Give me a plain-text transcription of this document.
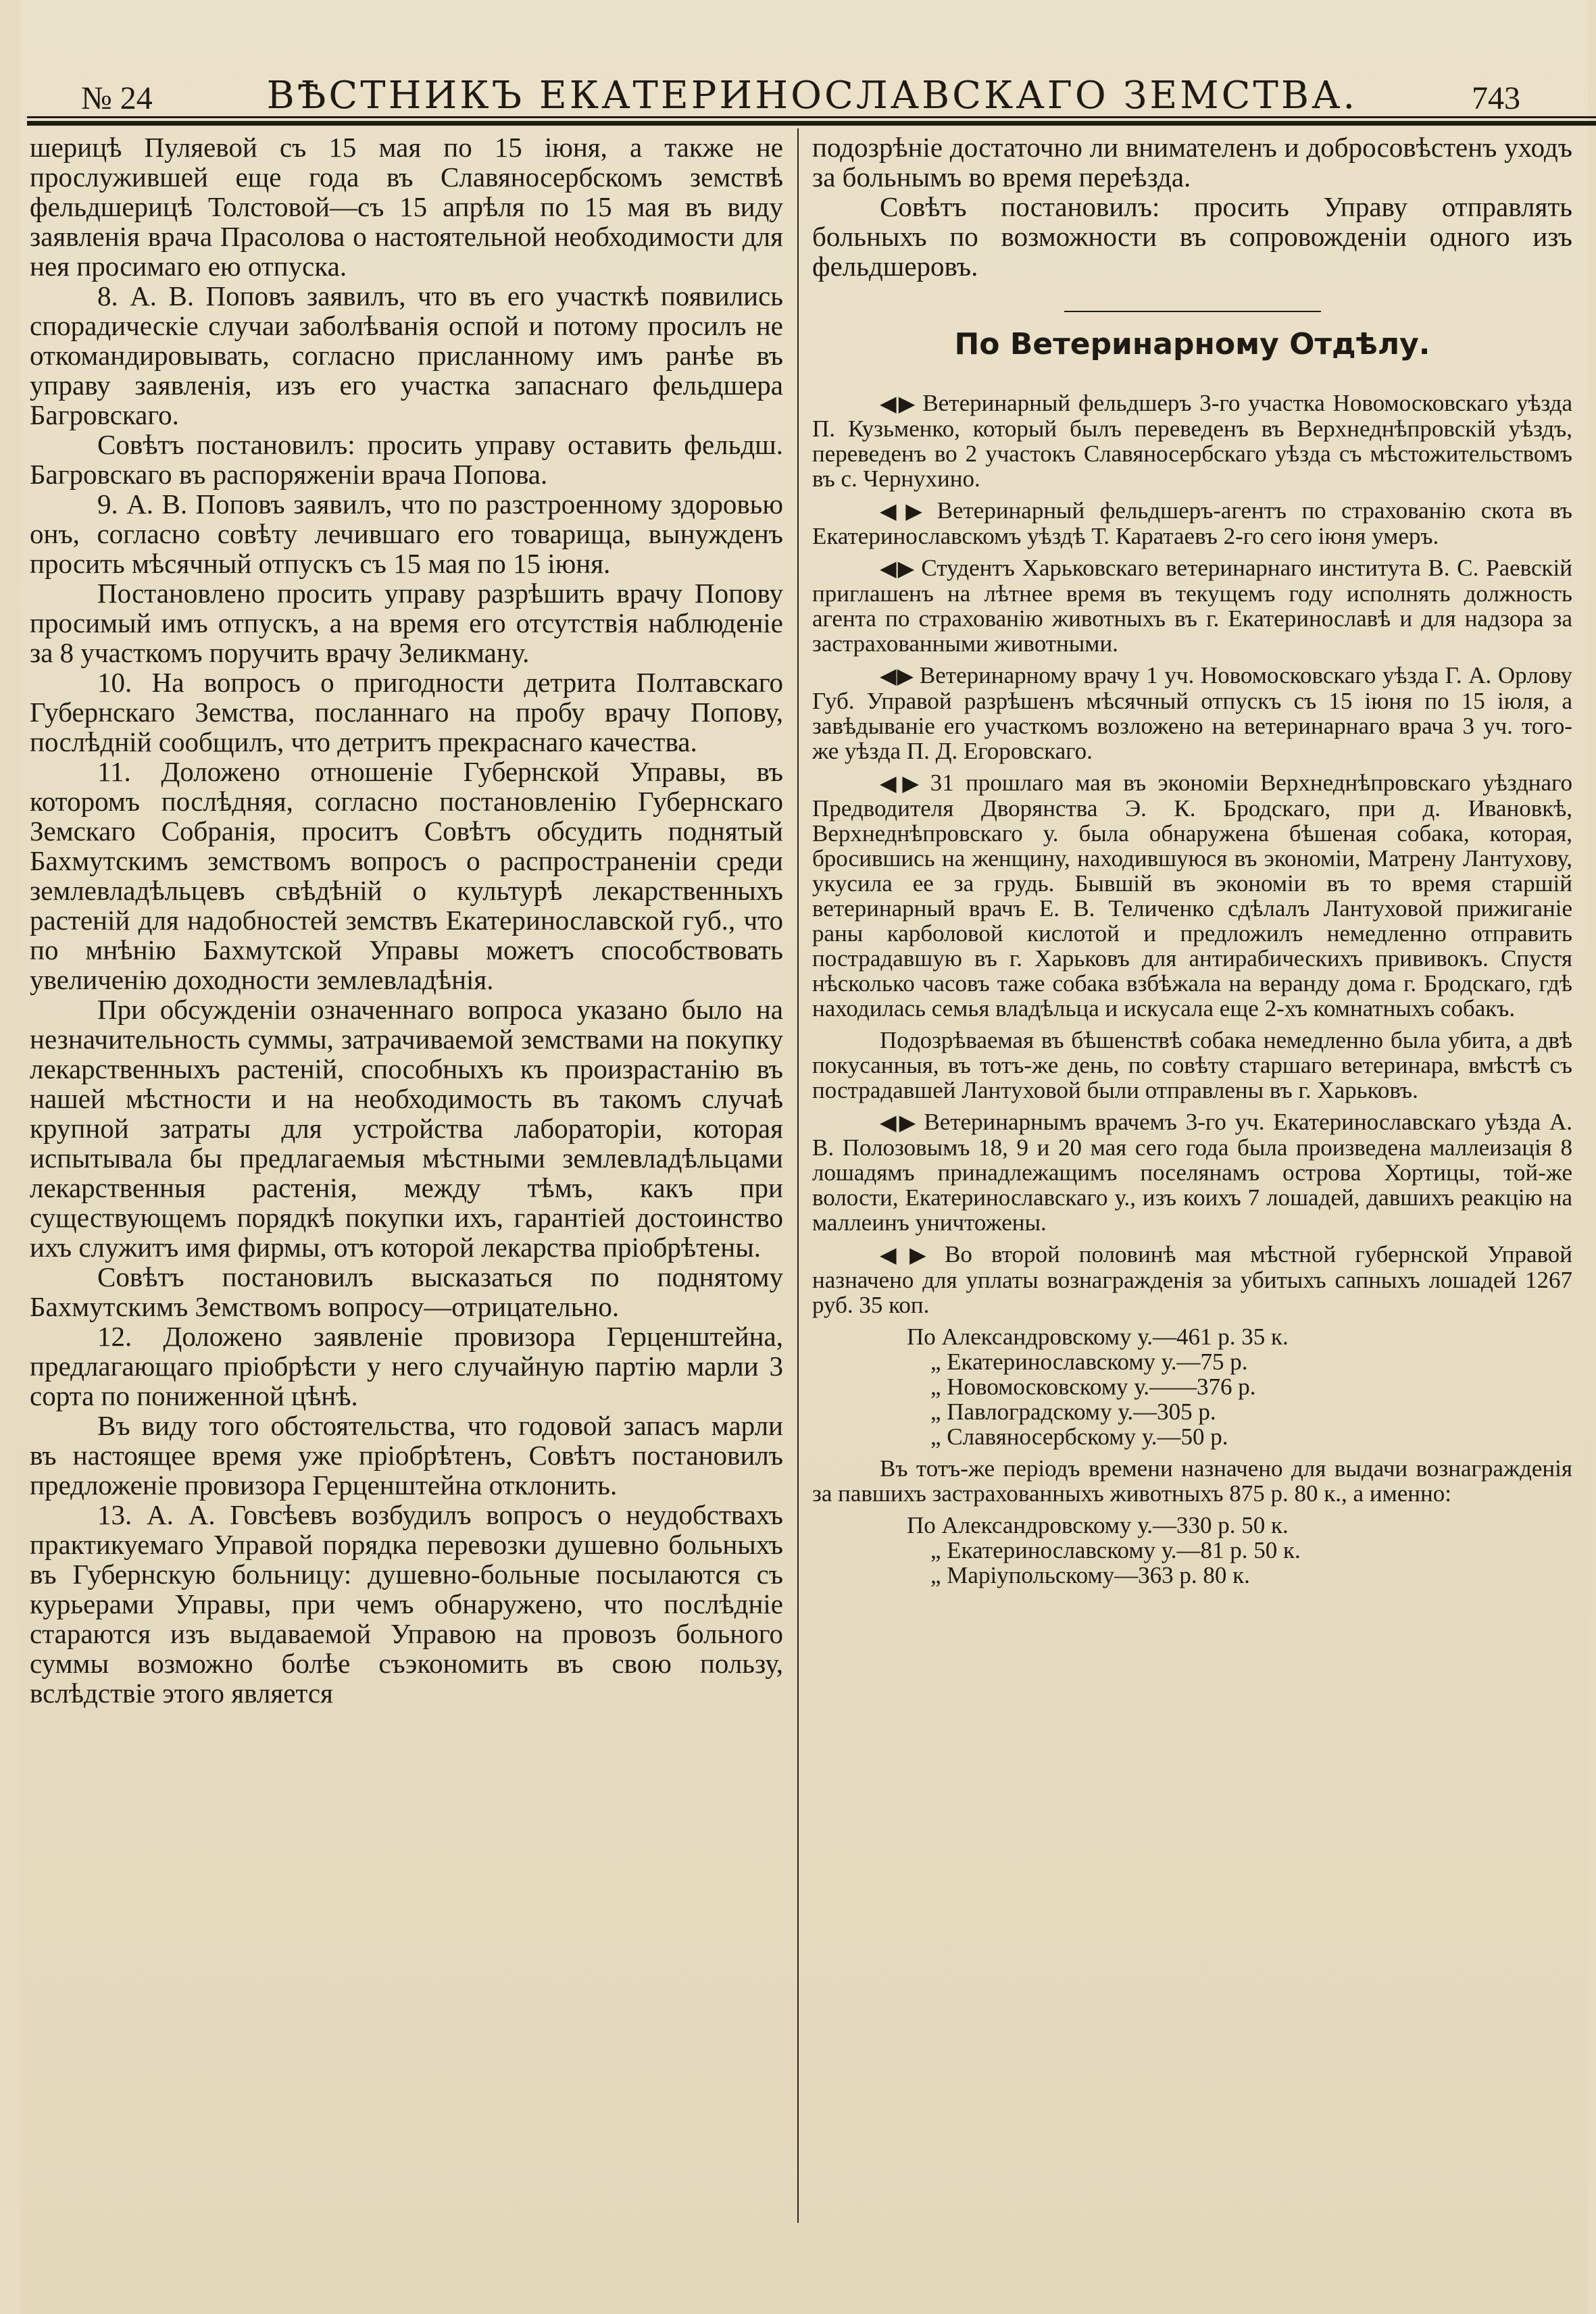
№ 24	ВѢСТНИКЪ ЕКАТЕРИНОСЛАВСКАГО ЗЕМСТВА.	743

шерицѣ Пуляевой съ 15 мая по 15 іюня, а также не прослужившей еще года въ Славяносербскомъ земствѣ фельдшерицѣ Толстовой—съ 15 апрѣля по 15 мая въ виду заявленія врача Прасолова о настоятельной необходимости для нея просимаго ею отпуска.

8. А. В. Поповъ заявилъ, что въ его участкѣ появились спорадическіе случаи заболѣванія оспой и потому просилъ не откомандировывать, согласно присланному имъ ранѣе въ управу заявленія, изъ его участка запаснаго фельдшера Багровскаго.

Совѣтъ постановилъ: просить управу оставить фельдш. Багровскаго въ распоряженіи врача Попова.

9. А. В. Поповъ заявилъ, что по разстроенному здоровью онъ, согласно совѣту лечившаго его товарища, вынужденъ просить мѣсячный отпускъ съ 15 мая по 15 іюня.

Постановлено просить управу разрѣшить врачу Попову просимый имъ отпускъ, а на время его отсутствія наблюденіе за 8 участкомъ поручить врачу Зеликману.

10. На вопросъ о пригодности детрита Полтавскаго Губернскаго Земства, посланнаго на пробу врачу Попову, послѣдній сообщилъ, что детритъ прекраснаго качества.

11. Доложено отношеніе Губернской Управы, въ которомъ послѣдняя, согласно постановленію Губернскаго Земскаго Собранія, проситъ Совѣтъ обсудить поднятый Бахмутскимъ земствомъ вопросъ о распространеніи среди землевладѣльцевъ свѣдѣній о культурѣ лекарственныхъ растеній для надобностей земствъ Екатеринославской губ., что по мнѣнію Бахмутской Управы можетъ способствовать увеличенію доходности землевладѣнія.

При обсужденіи означеннаго вопроса указано было на незначительность суммы, затрачиваемой земствами на покупку лекарственныхъ растеній, способныхъ къ произрастанію въ нашей мѣстности и на необходимость въ такомъ случаѣ крупной затраты для устройства лабораторіи, которая испытывала бы предлагаемыя мѣстными землевладѣльцами лекарственныя растенія, между тѣмъ, какъ при существующемъ порядкѣ покупки ихъ, гарантіей достоинство ихъ служитъ имя фирмы, отъ которой лекарства пріобрѣтены.

Совѣтъ постановилъ высказаться по поднятому Бахмутскимъ Земствомъ вопросу—отрицательно.

12. Доложено заявленіе провизора Герценштейна, предлагающаго пріобрѣсти у него случайную партію марли 3 сорта по пониженной цѣнѣ.

Въ виду того обстоятельства, что годовой запасъ марли въ настоящее время уже пріобрѣтенъ, Совѣтъ постановилъ предложеніе провизора Герценштейна отклонить.

13. А. А. Говсѣевъ возбудилъ вопросъ о неудобствахъ практикуемаго Управой порядка перевозки душевно больныхъ въ Губернскую больницу: душевно-больные посылаются съ курьерами Управы, при чемъ обнаружено, что послѣдніе стараются изъ выдаваемой Управою на провозъ больного суммы возможно болѣе съэкономить въ свою пользу, вслѣдствіе этого является

подозрѣніе достаточно ли внимателенъ и добросовѣстенъ уходъ за больнымъ во время переѣзда.

Совѣтъ постановилъ: просить Управу отправлять больныхъ по возможности въ сопровожденіи одного изъ фельдшеровъ.

По Ветеринарному Отдѣлу.

◀▶ Ветеринарный фельдшеръ 3-го участка Новомосковскаго уѣзда П. Кузьменко, который былъ переведенъ въ Верхнеднѣпровскій уѣздъ, переведенъ во 2 участокъ Славяносербскаго уѣзда съ мѣстожительствомъ въ с. Чернухино.

◀▶ Ветеринарный фельдшеръ-агентъ по страхованію скота въ Екатеринославскомъ уѣздѣ Т. Каратаевъ 2-го сего іюня умеръ.

◀▶ Студентъ Харьковскаго ветеринарнаго института В. С. Раевскій приглашенъ на лѣтнее время въ текущемъ году исполнять должность агента по страхованію животныхъ въ г. Екатеринославѣ и для надзора за застрахованными животными.

◀▶ Ветеринарному врачу 1 уч. Новомосковскаго уѣзда Г. А. Орлову Губ. Управой разрѣшенъ мѣсячный отпускъ съ 15 іюня по 15 іюля, а завѣдываніе его участкомъ возложено на ветеринарнаго врача 3 уч. того-же уѣзда П. Д. Егоровскаго.

◀▶ 31 прошлаго мая въ экономіи Верхнеднѣпровскаго уѣзднаго Предводителя Дворянства Э. К. Бродскаго, при д. Ивановкѣ, Верхнеднѣпровскаго у. была обнаружена бѣшеная собака, которая, бросившись на женщину, находившуюся въ экономіи, Матрену Лантухову, укусила ее за грудь. Бывшій въ экономіи въ то время старшій ветеринарный врачъ Е. В. Теличенко сдѣлалъ Лантуховой прижиганіе раны карболовой кислотой и предложилъ немедленно отправить пострадавшую въ г. Харьковъ для антирабическихъ прививокъ. Спустя нѣсколько часовъ таже собака взбѣжала на веранду дома г. Бродскаго, гдѣ находилась семья владѣльца и искусала еще 2-хъ комнатныхъ собакъ.

Подозрѣваемая въ бѣшенствѣ собака немедленно была убита, а двѣ покусанныя, въ тотъ-же день, по совѣту старшаго ветеринара, вмѣстѣ съ пострадавшей Лантуховой были отправлены въ г. Харьковъ.

◀▶ Ветеринарнымъ врачемъ 3-го уч. Екатеринославскаго уѣзда А. В. Полозовымъ 18, 9 и 20 мая сего года была произведена маллеизація 8 лошадямъ принадлежащимъ поселянамъ острова Хортицы, той-же волости, Екатеринославскаго у., изъ коихъ 7 лошадей, давшихъ реакцію на маллеинъ уничтожены.

◀▶ Во второй половинѣ мая мѣстной губернской Управой назначено для уплаты вознагражденія за убитыхъ сапныхъ лошадей 1267 руб. 35 коп.

По Александровскому у.—461 р. 35 к.
„ Екатеринославскому у.—75 р.
„ Новомосковскому у.——376 р.
„ Павлоградскому у.—305 р.
„ Славяносербскому у.—50 р.

Въ тотъ-же періодъ времени назначено для выдачи вознагражденія за павшихъ застрахованныхъ животныхъ 875 р. 80 к., а именно:

По Александровскому у.—330 р. 50 к.
„ Екатеринославскому у.—81 р. 50 к.
„ Маріупольскому—363 р. 80 к.
